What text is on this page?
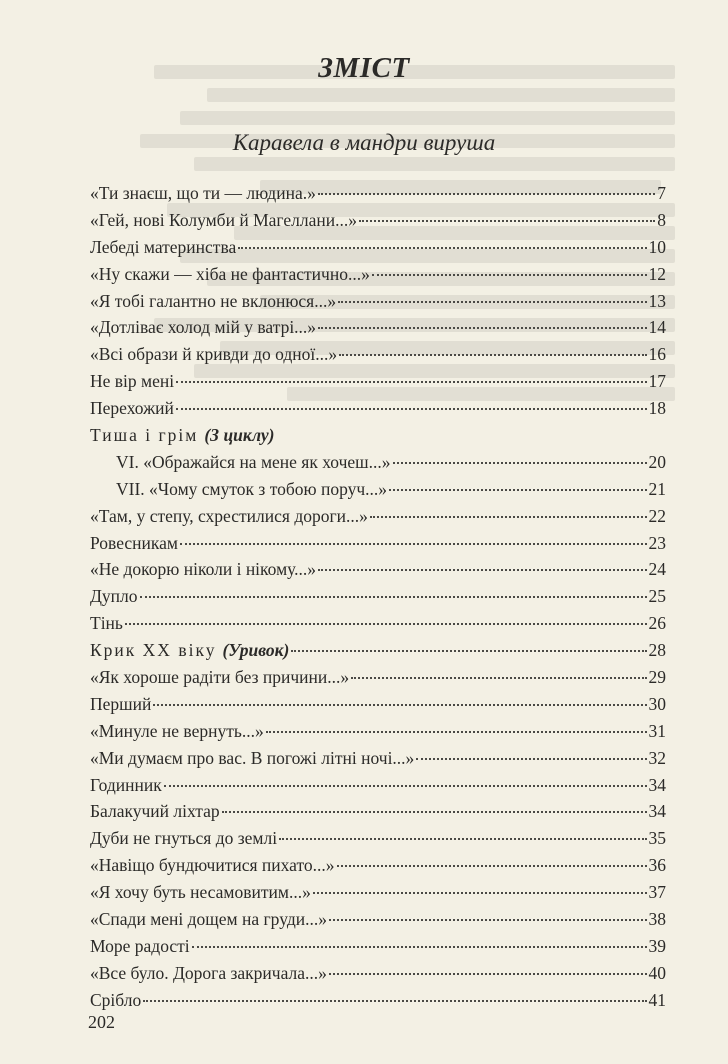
ЗМІСТ
Каравела в мандри вируша
«Ти знаєш, що ти — людина.»	7
«Гей, нові Колумби й Магеллани...»	8
Лебеді материнства	10
«Ну скажи — хіба не фантастично...»	12
«Я тобі галантно не вклонюся...»	13
«Дотліває холод мій у ватрі...»	14
«Всі образи й кривди до одної...»	16
Не вір мені	17
Перехожий	18
Тиша і грім (З циклу)
VI. «Ображайся на мене як хочеш...»	20
VII. «Чому смуток з тобою поруч...»	21
«Там, у степу, схрестилися дороги...»	22
Ровесникам	23
«Не докорю ніколи і нікому...»	24
Дупло	25
Тінь	26
Крик XX віку (Уривок)	28
«Як хороше радіти без причини...»	29
Перший	30
«Минуле не вернуть...»	31
«Ми думаєм про вас. В погожі літні ночі...»	32
Годинник	34
Балакучий ліхтар	34
Дуби не гнуться до землі	35
«Навіщо бундючитися пихато...»	36
«Я хочу буть несамовитим...»	37
«Спади мені дощем на груди...»	38
Море радості	39
«Все було. Дорога закричала...»	40
Срібло	41
202
